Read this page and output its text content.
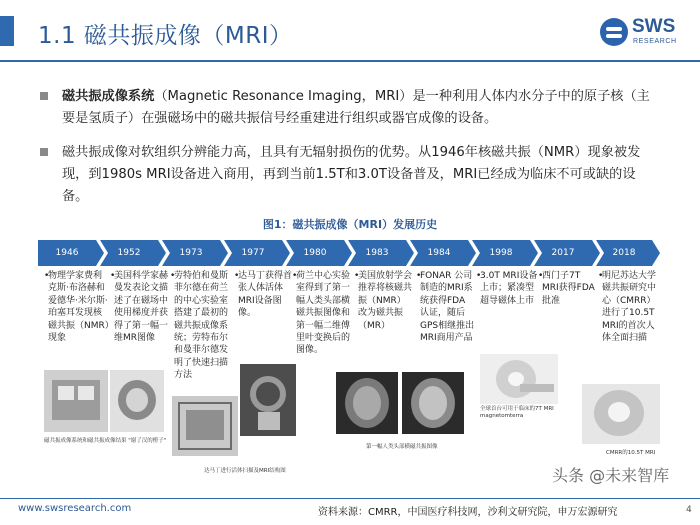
1.1 磁共振成像（MRI）	SWS
RESEARCH
磁共振成像系统（Magnetic Resonance Imaging，MRI）是一种利用人体内水分子中的原子核（主要是氢质子）在强磁场中的磁共振信号经重建进行组织或器官成像的设备。
磁共振成像对软组织分辨能力高，且具有无辐射损伤的优势。从1946年核磁共振（NMR）现象被发现，到1980s MRI设备进入商用，再到当前1.5T和3.0T设备普及，MRI已经成为临床不可或缺的设备。
图1：磁共振成像（MRI）发展历史
1946	1952	1973	1977	1980	1983	1984	1998	2017	2018
•
物理学家费利克斯·布洛赫和爱德华·米尔斯·珀塞耳发现核磁共振（NMR）现象
•
美国科学家赫曼发表论文描述了在磁场中使用梯度并获得了第一幅一维MR图像
•
劳特伯和曼斯菲尔德在荷兰的中心实验室搭建了最初的磁共振成像系统；劳特布尔和曼菲尔德发明了快速扫描方法
•
达马丁获得首张人体活体MRI设备图像。
•
荷兰中心实验室得到了第一幅人类头部横磁共振图像和第一幅二维傅里叶变换后的图像。
•
美国放射学会推荐将核磁共振（NMR）改为磁共振（MR）
•
FONAR 公司制造的MRI系统获得FDA 认证，随后GPS相继推出MRI商用产品
•
3.0T MRI设备上市；紧凑型超导磁体上市
•
西门子7T MRI获得FDA批准
•
明尼苏达大学磁共振研究中心（CMRR）进行了10.5T MRI的首次人体全面扫描
磁共振成像系统和磁共振成像结果 "谢了汉的橙子"
达马丁进行活体扫描及MRI结构图
第一幅人类头部横磁共振图像
全球首台可用于临床的7T MRI magnetomterra
CMRR的10.5T MRI
头条 @未来智库
www.swsresearch.com	资料来源：CMRR，中国医疗科技网，沙利文研究院，申万宏源研究	4
